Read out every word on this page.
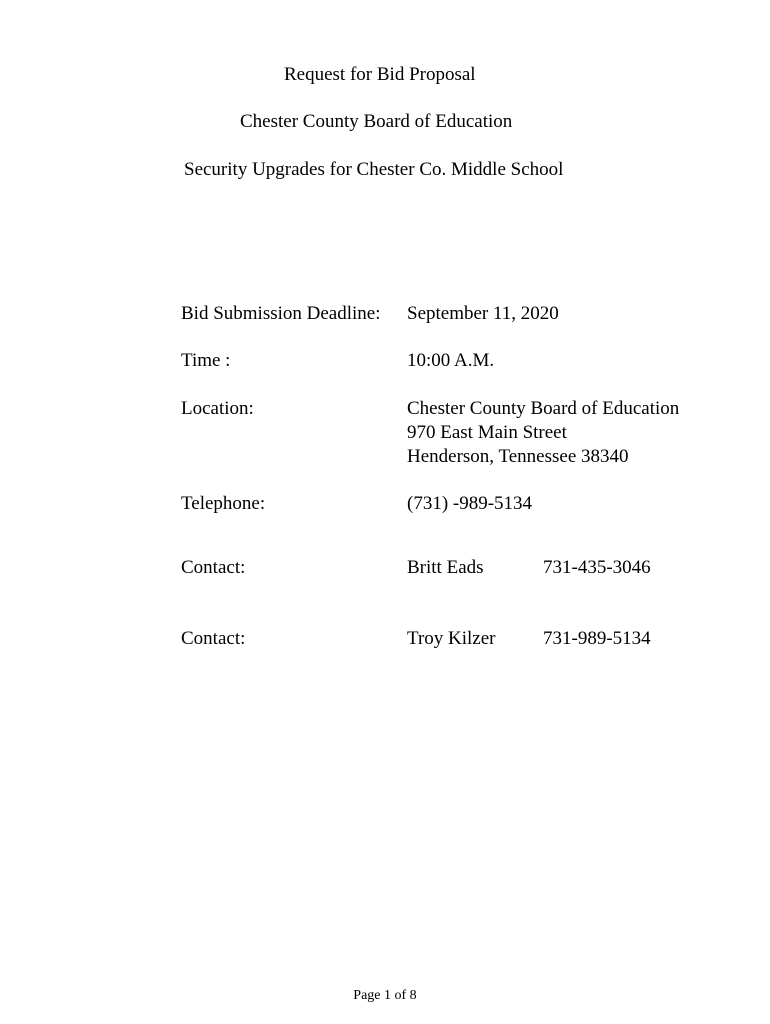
Request for Bid Proposal
Chester County Board of Education
Security Upgrades for Chester Co. Middle School
Bid Submission Deadline: September 11, 2020
Time :	10:00 A.M.
Location:	Chester County Board of Education
970 East Main Street
Henderson, Tennessee 38340
Telephone:	(731) -989-5134
Contact:	Britt Eads	731-435-3046
Contact:	Troy Kilzer	731-989-5134
Page 1 of 8
